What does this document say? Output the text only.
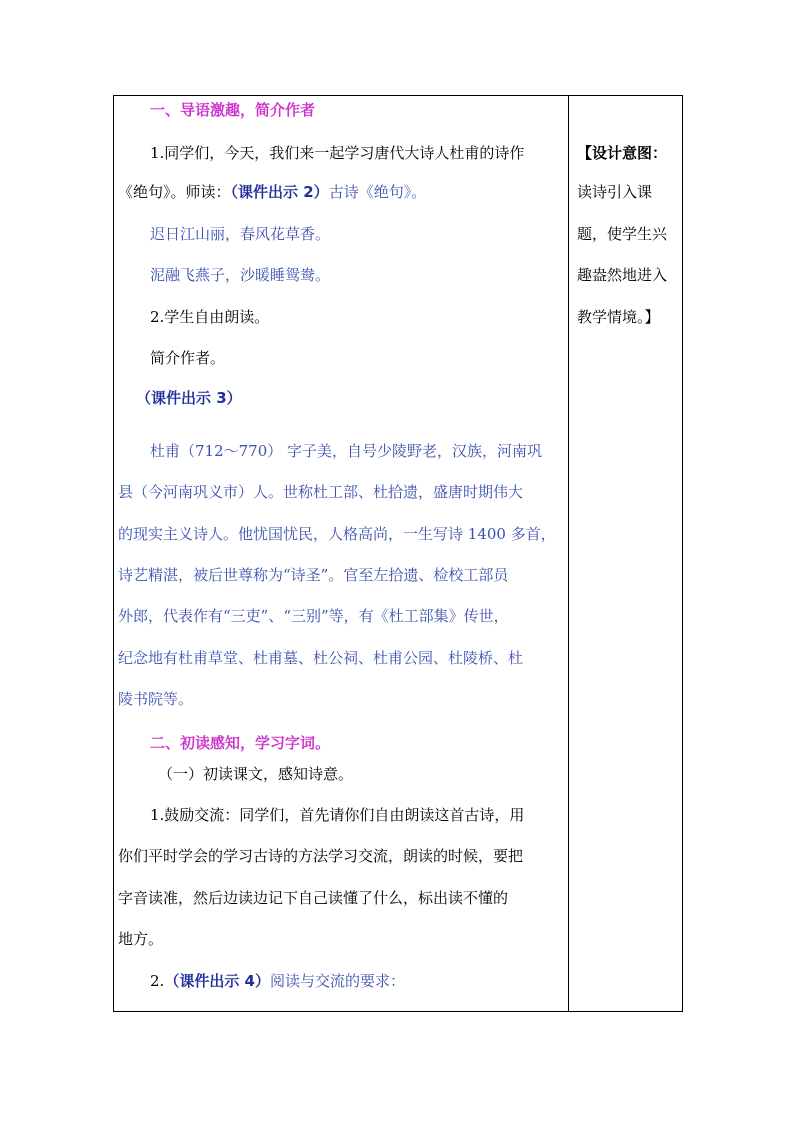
一、导语激趣，简介作者
1.同学们，今天，我们来一起学习唐代大诗人杜甫的诗作
《绝句》。师读：（课件出示 2）古诗《绝句》。
迟日江山丽，春风花草香。
泥融飞燕子，沙暖睡鸳鸯。
2.学生自由朗读。
简介作者。
（课件出示 3）
杜甫（712～770） 字子美，自号少陵野老，汉族，河南巩
县（今河南巩义市）人。世称杜工部、杜拾遗，盛唐时期伟大
的现实主义诗人。他忧国忧民，人格高尚，一生写诗 1400 多首，
诗艺精湛，被后世尊称为“诗圣”。官至左拾遗、检校工部员
外郎，代表作有“三吏”、“三别”等，有《杜工部集》传世，
纪念地有杜甫草堂、杜甫墓、杜公祠、杜甫公园、杜陵桥、杜
陵书院等。
二、初读感知，学习字词。
（一）初读课文，感知诗意。
1.鼓励交流：同学们，首先请你们自由朗读这首古诗，用
你们平时学会的学习古诗的方法学习交流，朗读的时候，要把
字音读准，然后边读边记下自己读懂了什么，标出读不懂的
地方。
2.（课件出示 4）阅读与交流的要求：
【设计意图：
读诗引入课
题，使学生兴
趣盎然地进入
教学情境。】
